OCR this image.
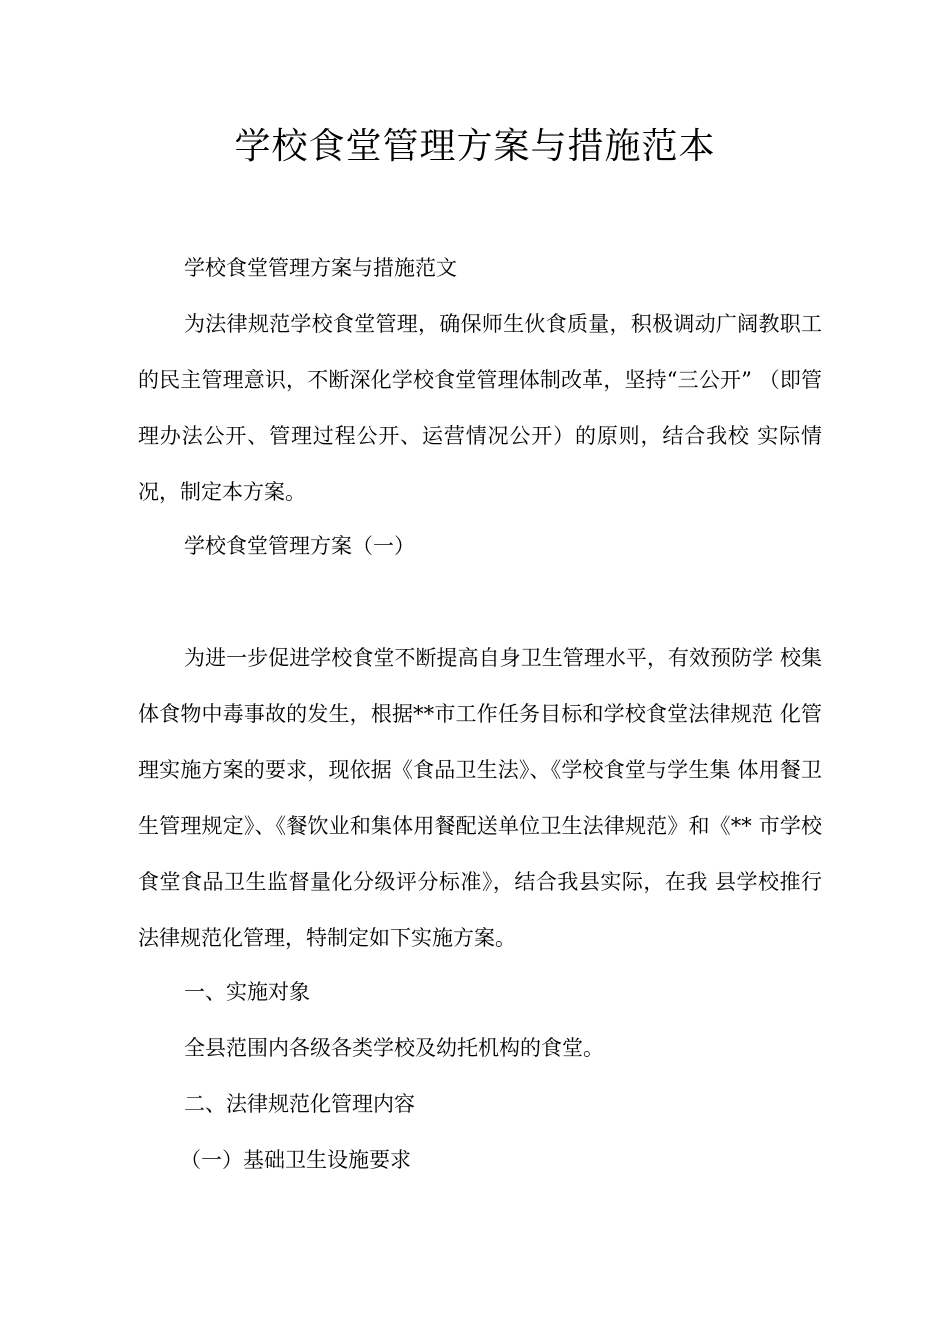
学校食堂管理方案与措施范本

学校食堂管理方案与措施范文

为法律规范学校食堂管理，确保师生伙食质量，积极调动广阔教职工 的民主管理意识，不断深化学校食堂管理体制改革，坚持“三公开” （即管理办法公开、管理过程公开、运营情况公开）的原则，结合我校 实际情况，制定本方案。

学校食堂管理方案（一）

为进一步促进学校食堂不断提高自身卫生管理水平，有效预防学 校集体食物中毒事故的发生，根据**市工作任务目标和学校食堂法律规范 化管理实施方案的要求，现依据《食品卫生法》、《学校食堂与学生集 体用餐卫生管理规定》、《餐饮业和集体用餐配送单位卫生法律规范》和《** 市学校食堂食品卫生监督量化分级评分标准》，结合我县实际，在我 县学校推行法律规范化管理，特制定如下实施方案。

一、实施对象

全县范围内各级各类学校及幼托机构的食堂。

二、法律规范化管理内容

（一）基础卫生设施要求
